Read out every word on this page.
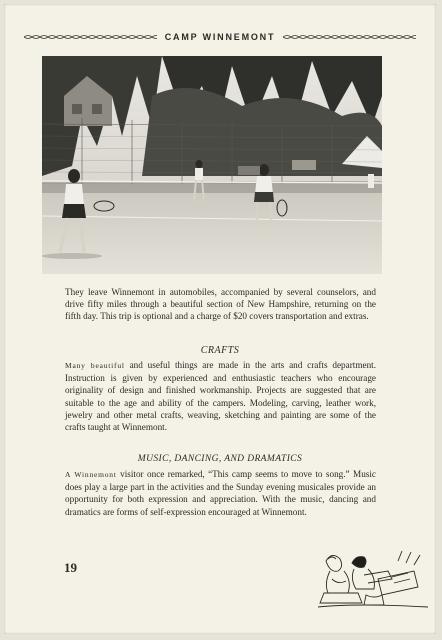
CAMP WINNEMONT
They leave Winnemont in automobiles, accompanied by several counselors, and drive fifty miles through a beautiful section of New Hampshire, returning on the fifth day. This trip is optional and a charge of $20 covers transportation and extras.
CRAFTS
Many beautiful and useful things are made in the arts and crafts department. Instruction is given by experienced and enthusiastic teachers who encourage originality of design and finished workmanship. Projects are suggested that are suitable to the age and ability of the campers. Modeling, carving, leather work, jewelry and other metal crafts, weaving, sketching and painting are some of the crafts taught at Winnemont.
MUSIC, DANCING, AND DRAMATICS
A Winnemont visitor once remarked, “This camp seems to move to song.” Music does play a large part in the activities and the Sunday evening musicales provide an opportunity for both expression and appreciation. With the music, dancing and dramatics are forms of self-expression encouraged at Winnemont.
19
